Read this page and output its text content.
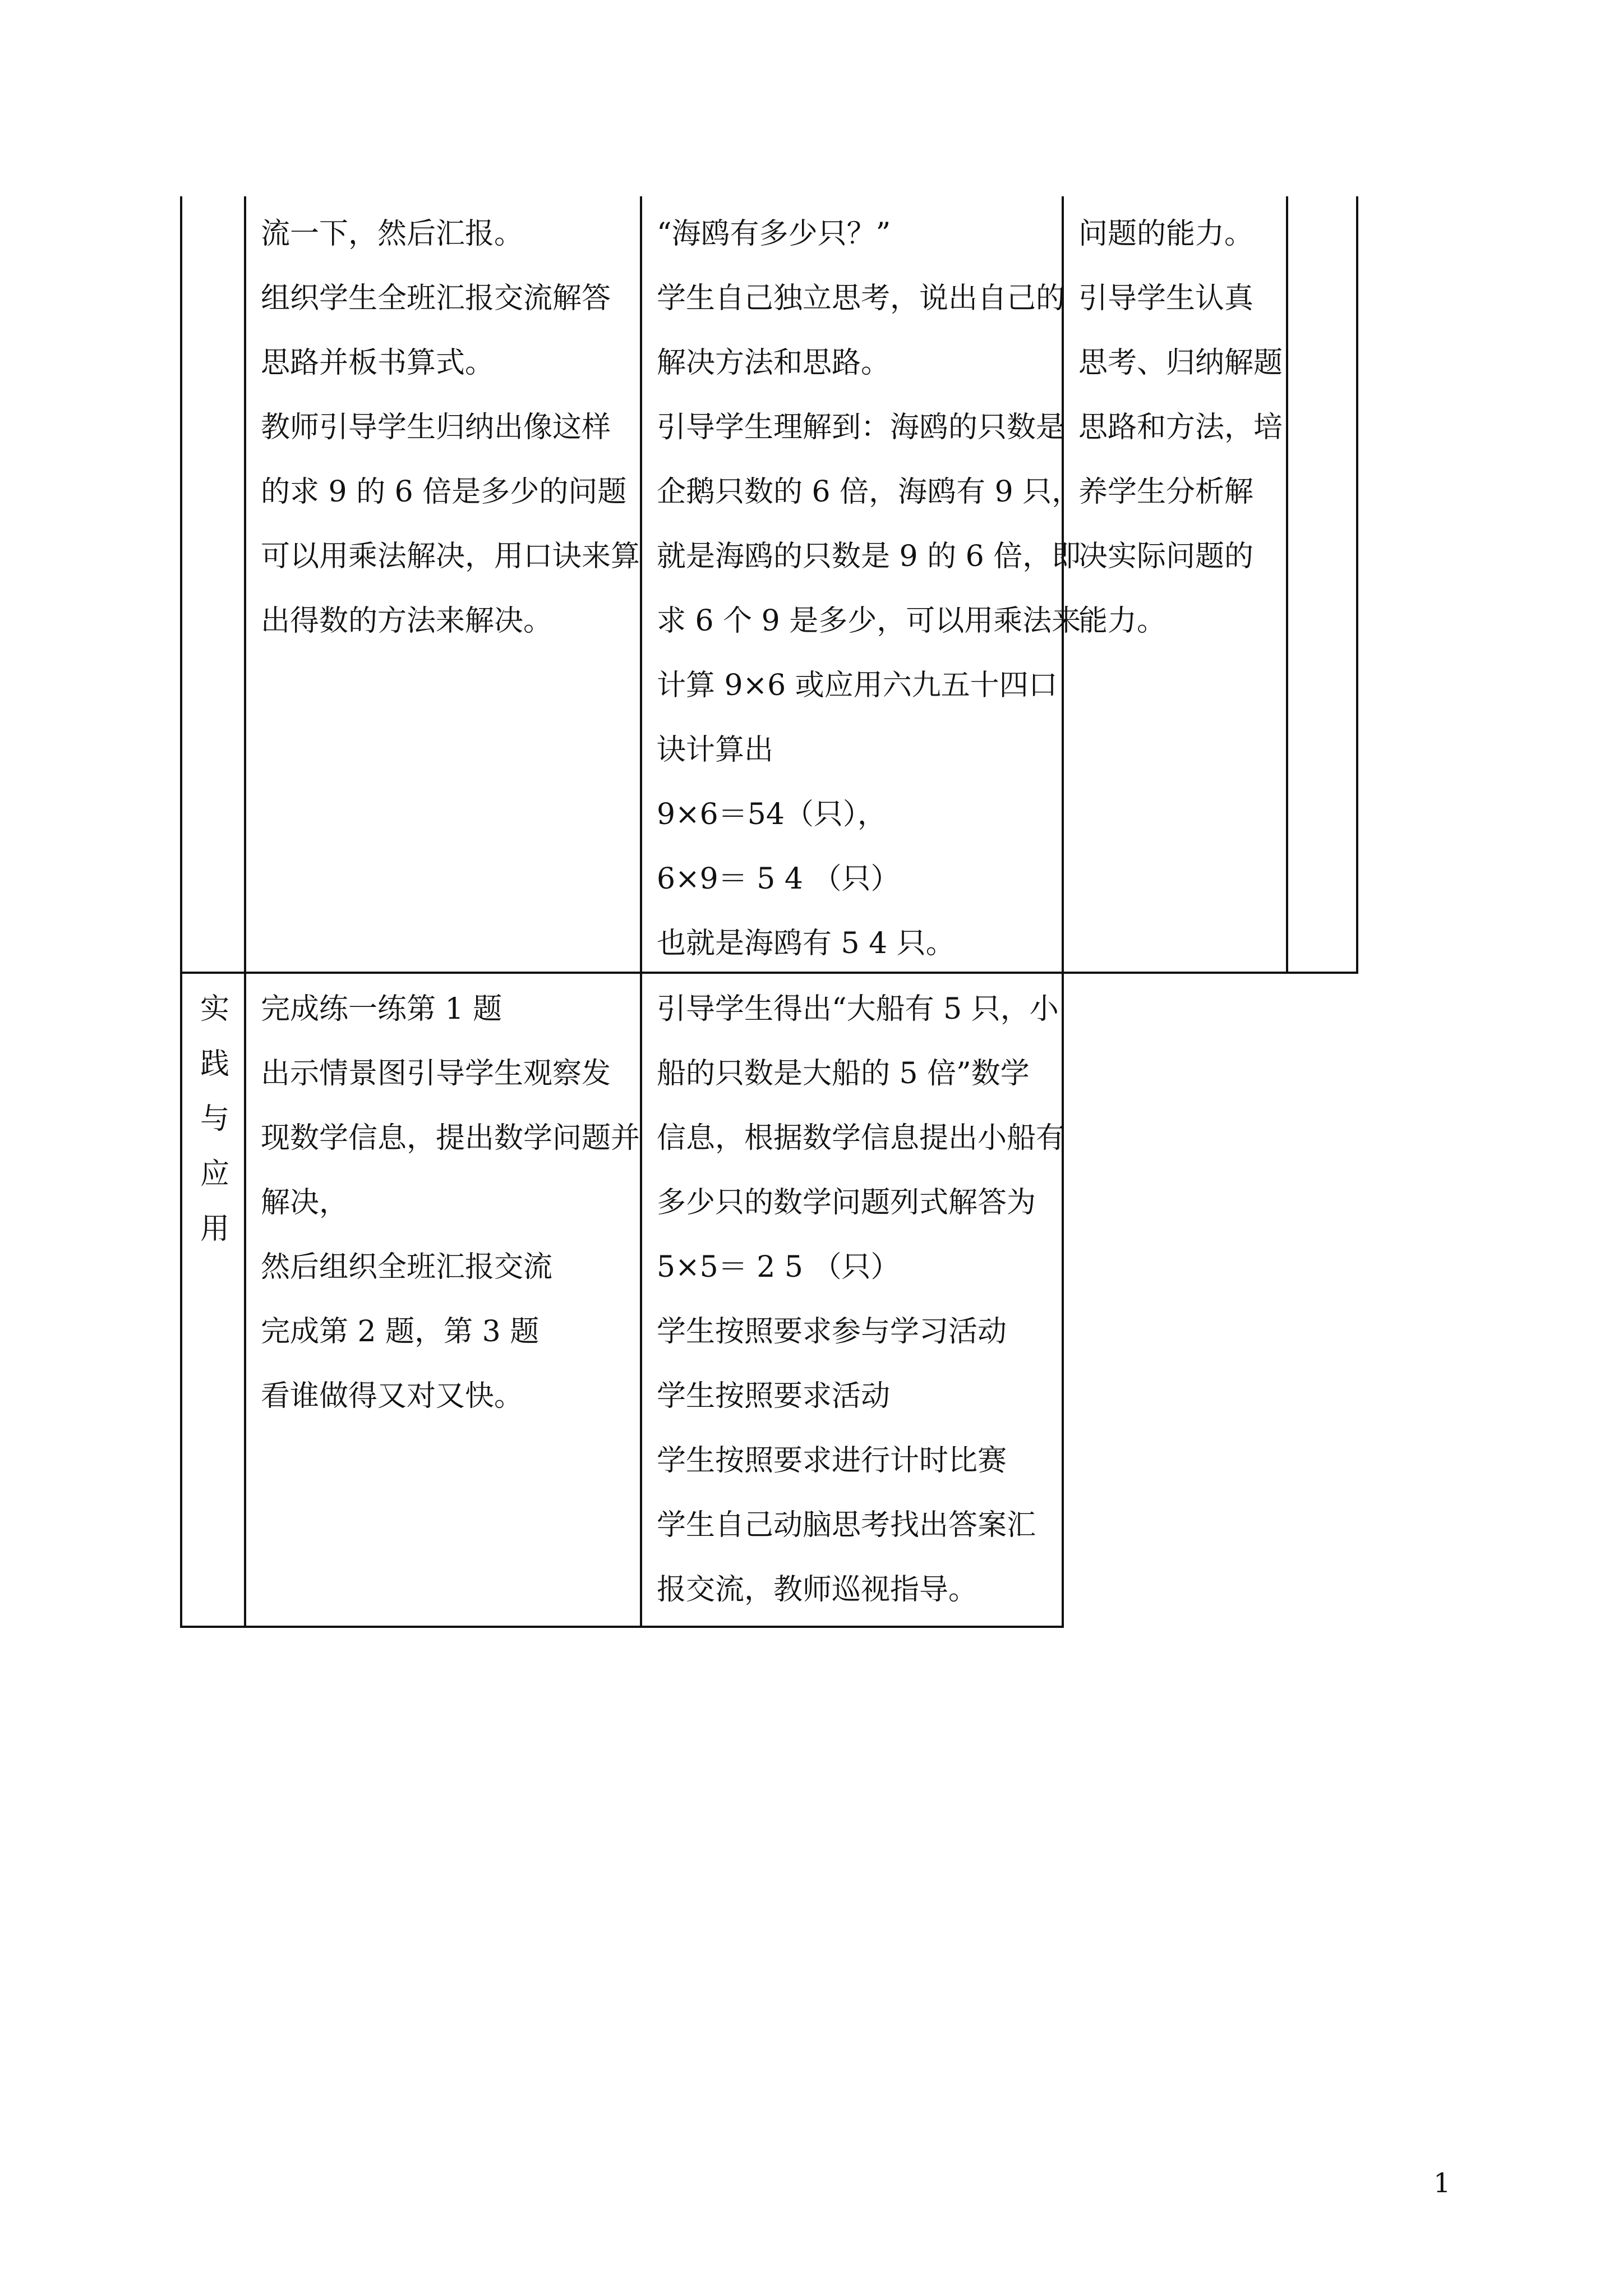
流一下，然后汇报。
组织学生全班汇报交流解答
思路并板书算式。
教师引导学生归纳出像这样
的求 9 的 6 倍是多少的问题
可以用乘法解决，用口诀来算
出得数的方法来解决。
“海鸥有多少只？”
学生自己独立思考，说出自己的
解决方法和思路。
引导学生理解到：海鸥的只数是
企鹅只数的 6 倍，海鸥有 9 只，
就是海鸥的只数是 9 的 6 倍，即
求 6 个 9 是多少，可以用乘法来
计算 9×6 或应用六九五十四口
诀计算出
9×6＝54（只），
6×9＝ 5 4 （只）
也就是海鸥有 5 4 只。
问题的能力。
引导学生认真
思考、归纳解题
思路和方法，培
养学生分析解
决实际问题的
能力。
实
践
与
应
用
完成练一练第 1 题
出示情景图引导学生观察发
现数学信息，提出数学问题并
解决，
然后组织全班汇报交流
完成第 2 题，第 3 题
看谁做得又对又快。
引导学生得出“大船有 5 只，小
船的只数是大船的 5 倍”数学
信息，根据数学信息提出小船有
多少只的数学问题列式解答为
5×5＝ 2 5 （只）
学生按照要求参与学习活动
学生按照要求活动
学生按照要求进行计时比赛
学生自己动脑思考找出答案汇
报交流，教师巡视指导。
1
